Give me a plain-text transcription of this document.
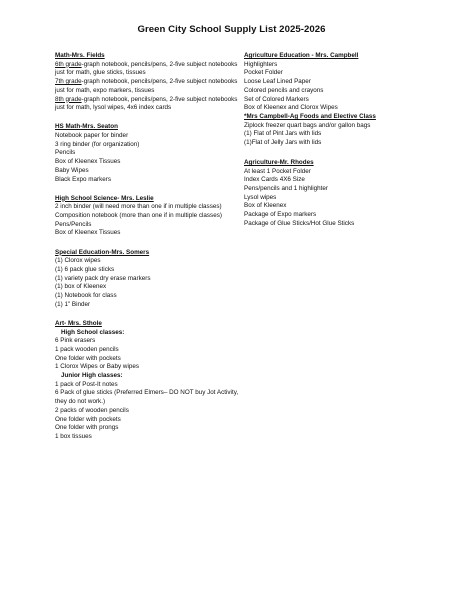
Green City School Supply List 2025-2026
Math-Mrs. Fields
6th grade-graph notebook, pencils/pens, 2-five subject notebooks just for math, glue sticks, tissues
7th grade-graph notebook, pencils/pens, 2-five subject notebooks just for math, expo markers, tissues
8th grade-graph notebook, pencils/pens, 2-five subject notebooks just for math, lysol wipes, 4x6 index cards
HS Math-Mrs. Seaton
Notebook paper for binder
3 ring binder (for organization)
Pencils
Box of Kleenex Tissues
Baby Wipes
Black Expo markers
High School Science- Mrs. Leslie
2 inch binder (will need more than one if in multiple classes)
Composition notebook (more than one if in multiple classes)
Pens/Pencils
Box of Kleenex Tissues
Special Education-Mrs. Somers
(1) Clorox wipes
(1) 6 pack glue sticks
(1) variety pack dry erase markers
(1) box of Kleenex
(1) Notebook for class
(1) 1" Binder
Art- Mrs. Sthole
High School classes:
6 Pink erasers
1 pack wooden pencils
One folder with pockets
1 Clorox Wipes or Baby wipes
Junior High classes:
1 pack of Post-It notes
6 Pack of glue sticks (Preferred Elmers– DO NOT buy Jot Activity, they do not work.)
2 packs of wooden pencils
One folder with pockets
One folder with prongs
1 box tissues
Agriculture Education - Mrs. Campbell
Highlighters
Pocket Folder
Loose Leaf Lined Paper
Colored pencils and crayons
Set of Colored Markers
Box of Kleenex and Clorox Wipes
*Mrs Campbell-Ag Foods and Elective Class
Ziplock freezer quart bags and/or gallon bags
(1) Flat of Pint Jars with lids
(1)Flat of Jelly Jars with lids
Agriculture-Mr. Rhodes
At least 1 Pocket Folder
Index Cards 4X6 Size
Pens/pencils and 1 highlighter
Lysol wipes
Box of Kleenex
Package of Expo markers
Package of Glue Sticks/Hot Glue Sticks
